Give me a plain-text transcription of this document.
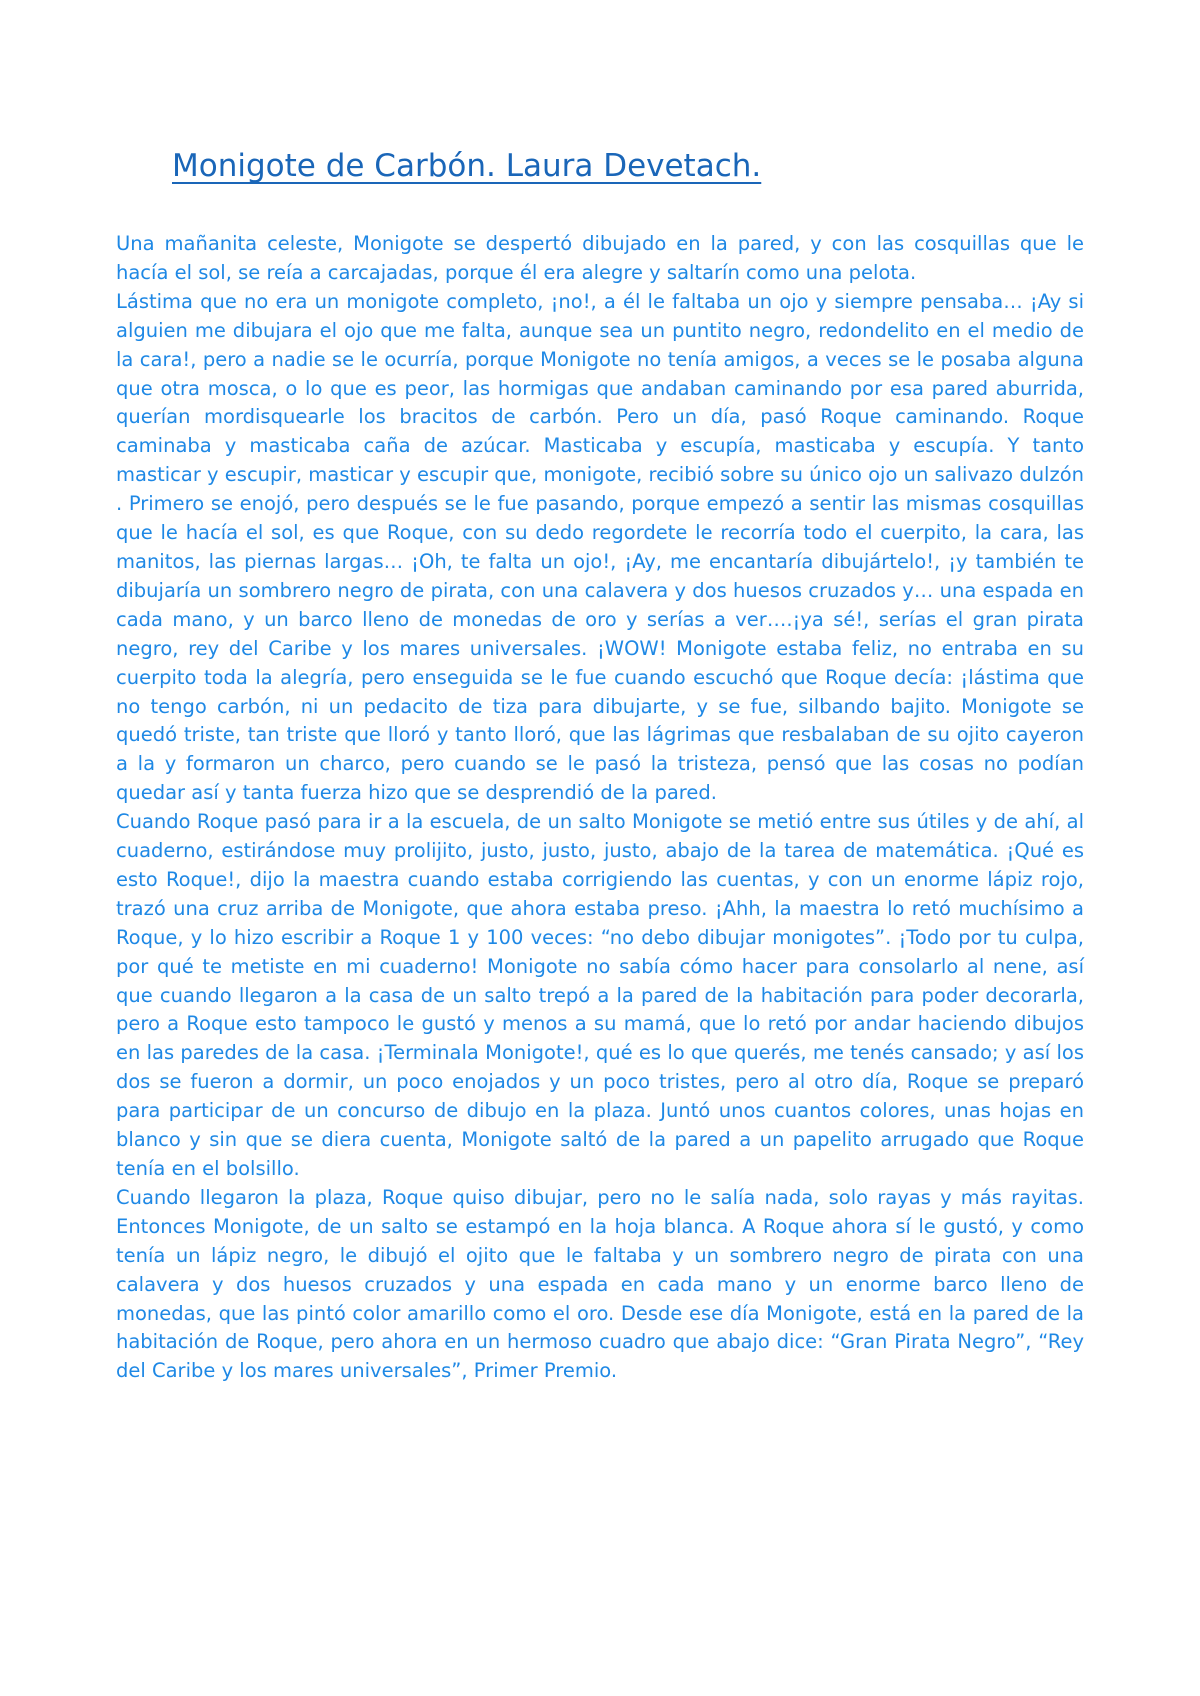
Monigote de Carbón. Laura Devetach.

Una mañanita celeste, Monigote se despertó dibujado en la pared, y con las cosquillas que le hacía el sol, se reía a carcajadas, porque él era alegre y saltarín como una pelota.

Lástima que no era un monigote completo, ¡no!, a él le faltaba un ojo y siempre pensaba… ¡Ay si alguien me dibujara el ojo que me falta, aunque sea un puntito negro, redondelito en el medio de la cara!, pero a nadie se le ocurría, porque Monigote no tenía amigos, a veces se le posaba alguna que otra mosca, o lo que es peor, las hormigas que andaban caminando por esa pared aburrida, querían mordisquearle los bracitos de carbón. Pero un día, pasó Roque caminando. Roque caminaba y masticaba caña de azúcar. Masticaba y escupía, masticaba y escupía. Y tanto masticar y escupir, masticar y escupir que, monigote, recibió sobre su único ojo un salivazo dulzón . Primero se enojó, pero después se le fue pasando, porque empezó a sentir las mismas cosquillas que le hacía el sol, es que Roque, con su dedo regordete le recorría todo el cuerpito, la cara, las manitos, las piernas largas… ¡Oh, te falta un ojo!, ¡Ay, me encantaría dibujártelo!, ¡y también te dibujaría un sombrero negro de pirata, con una calavera y dos huesos cruzados y… una espada en cada mano, y un barco lleno de monedas de oro y serías a ver….¡ya sé!, serías el gran pirata negro, rey del Caribe y los mares universales. ¡WOW! Monigote estaba feliz, no entraba en su cuerpito toda la alegría, pero enseguida se le fue cuando escuchó que Roque decía: ¡lástima que no tengo carbón, ni un pedacito de tiza para dibujarte, y se fue, silbando bajito. Monigote se quedó triste, tan triste que lloró y tanto lloró, que las lágrimas que resbalaban de su ojito cayeron a la y formaron un charco, pero cuando se le pasó la tristeza, pensó que las cosas no podían quedar así y tanta fuerza hizo que se desprendió de la pared.

Cuando Roque pasó para ir a la escuela, de un salto Monigote se metió entre sus útiles y de ahí, al cuaderno, estirándose muy prolijito, justo, justo, justo, abajo de la tarea de matemática. ¡Qué es esto Roque!, dijo la maestra cuando estaba corrigiendo las cuentas, y con un enorme lápiz rojo, trazó una cruz arriba de Monigote, que ahora estaba preso. ¡Ahh, la maestra lo retó muchísimo a Roque, y lo hizo escribir a Roque 1 y 100 veces: “no debo dibujar monigotes”. ¡Todo por tu culpa, por qué te metiste en mi cuaderno! Monigote no sabía cómo hacer para consolarlo al nene, así que cuando llegaron a la casa de un salto trepó a la pared de la habitación para poder decorarla, pero a Roque esto tampoco le gustó y menos a su mamá, que lo retó por andar haciendo dibujos en las paredes de la casa. ¡Terminala Monigote!, qué es lo que querés, me tenés cansado; y así los dos se fueron a dormir, un poco enojados y un poco tristes, pero al otro día, Roque se preparó para participar de un concurso de dibujo en la plaza. Juntó unos cuantos colores, unas hojas en blanco y sin que se diera cuenta, Monigote saltó de la pared a un papelito arrugado que Roque tenía en el bolsillo.

Cuando llegaron la plaza, Roque quiso dibujar, pero no le salía nada, solo rayas y más rayitas. Entonces Monigote, de un salto se estampó en la hoja blanca. A Roque ahora sí le gustó, y como tenía un lápiz negro, le dibujó el ojito que le faltaba y un sombrero negro de pirata con una calavera y dos huesos cruzados y una espada en cada mano y un enorme barco lleno de monedas, que las pintó color amarillo como el oro. Desde ese día Monigote, está en la pared de la habitación de Roque, pero ahora en un hermoso cuadro que abajo dice: “Gran Pirata Negro”, “Rey del Caribe y los mares universales”, Primer Premio.
